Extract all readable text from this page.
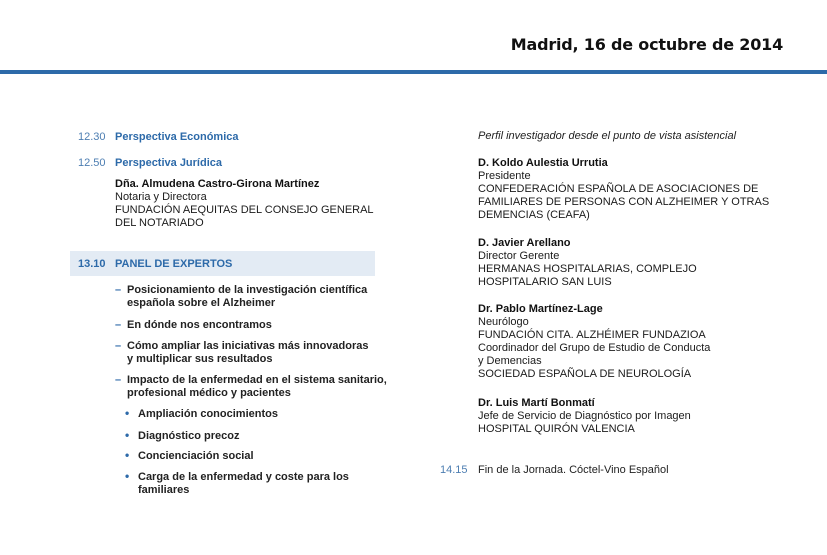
Madrid, 16 de octubre de 2014
12.30 Perspectiva Económica
12.50 Perspectiva Jurídica
Dña. Almudena Castro-Girona Martínez
Notaria y Directora
FUNDACIÓN AEQUITAS DEL CONSEJO GENERAL
DEL NOTARIADO
13.10 PANEL DE EXPERTOS
– Posicionamiento de la investigación científica
española sobre el Alzheimer
– En dónde nos encontramos
– Cómo ampliar las iniciativas más innovadoras
y multiplicar sus resultados
– Impacto de la enfermedad en el sistema sanitario,
profesional médico y pacientes
• Ampliación conocimientos
• Diagnóstico precoz
• Concienciación social
• Carga de la enfermedad y coste para los
familiares
Perfil investigador desde el punto de vista asistencial
D. Koldo Aulestia Urrutia
Presidente
CONFEDERACIÓN ESPAÑOLA DE ASOCIACIONES DE
FAMILIARES DE PERSONAS CON ALZHEIMER Y OTRAS
DEMENCIAS (CEAFA)
D. Javier Arellano
Director Gerente
HERMANAS HOSPITALARIAS, COMPLEJO
HOSPITALARIO SAN LUIS
Dr. Pablo Martínez-Lage
Neurólogo
FUNDACIÓN CITA. ALZHÉIMER FUNDAZIOA
Coordinador del Grupo de Estudio de Conducta
y Demencias
SOCIEDAD ESPAÑOLA DE NEUROLOGÍA
Dr. Luis Martí Bonmatí
Jefe de Servicio de Diagnóstico por Imagen
HOSPITAL QUIRÓN VALENCIA
14.15 Fin de la Jornada. Cóctel-Vino Español
